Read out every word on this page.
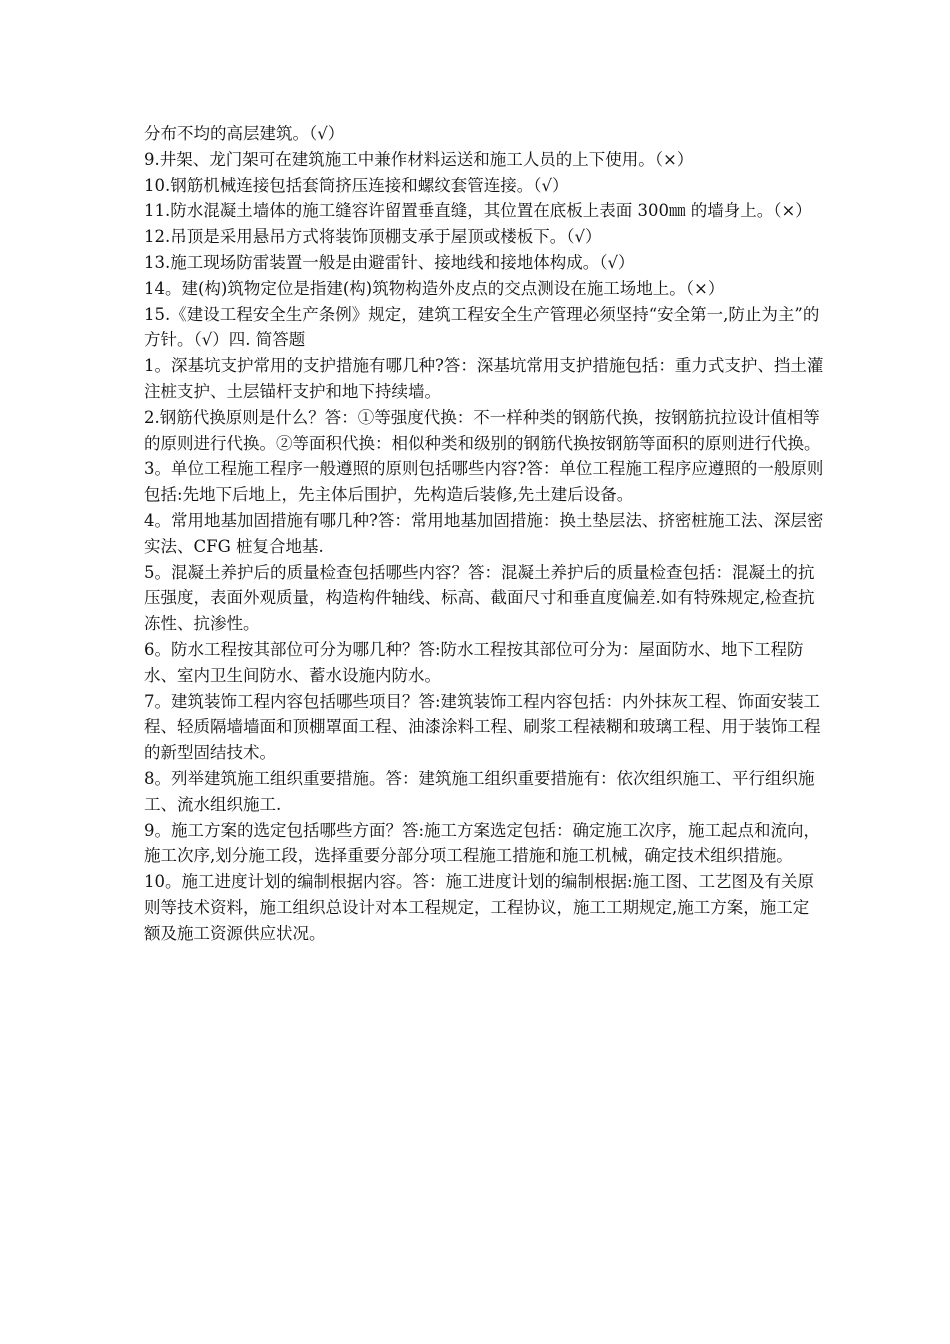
分布不均的高层建筑。（√）

9.井架、龙门架可在建筑施工中兼作材料运送和施工人员的上下使用。（×）

10.钢筋机械连接包括套筒挤压连接和螺纹套管连接。（√）

11.防水混凝土墙体的施工缝容许留置垂直缝，其位置在底板上表面 300㎜ 的墙身上。（×）

12.吊顶是采用悬吊方式将装饰顶棚支承于屋顶或楼板下。（√）

13.施工现场防雷装置一般是由避雷针、接地线和接地体构成。（√）

14。建(构)筑物定位是指建(构)筑物构造外皮点的交点测设在施工场地上。（×）

15.《建设工程安全生产条例》规定，建筑工程安全生产管理必须坚持“安全第一,防止为主”的方针。（√）四. 简答题

1。深基坑支护常用的支护措施有哪几种?答：深基坑常用支护措施包括：重力式支护、挡土灌注桩支护、土层锚杆支护和地下持续墙。

2.钢筋代换原则是什么？答：①等强度代换：不一样种类的钢筋代换，按钢筋抗拉设计值相等的原则进行代换。②等面积代换：相似种类和级别的钢筋代换按钢筋等面积的原则进行代换。

3。单位工程施工程序一般遵照的原则包括哪些内容?答：单位工程施工程序应遵照的一般原则包括:先地下后地上，先主体后围护，先构造后装修,先土建后设备。

4。常用地基加固措施有哪几种?答：常用地基加固措施：换土垫层法、挤密桩施工法、深层密实法、CFG 桩复合地基.

5。混凝土养护后的质量检查包括哪些内容？答：混凝土养护后的质量检查包括：混凝土的抗压强度，表面外观质量，构造构件轴线、标高、截面尺寸和垂直度偏差.如有特殊规定,检查抗冻性、抗渗性。

6。防水工程按其部位可分为哪几种？答:防水工程按其部位可分为：屋面防水、地下工程防水、室内卫生间防水、蓄水设施内防水。

7。建筑装饰工程内容包括哪些项目？答:建筑装饰工程内容包括：内外抹灰工程、饰面安装工程、轻质隔墙墙面和顶棚罩面工程、油漆涂料工程、刷浆工程裱糊和玻璃工程、用于装饰工程的新型固结技术。

8。列举建筑施工组织重要措施。答：建筑施工组织重要措施有：依次组织施工、平行组织施工、流水组织施工.

9。施工方案的选定包括哪些方面？答:施工方案选定包括：确定施工次序，施工起点和流向，施工次序,划分施工段，选择重要分部分项工程施工措施和施工机械，确定技术组织措施。

10。施工进度计划的编制根据内容。答：施工进度计划的编制根据:施工图、工艺图及有关原则等技术资料，施工组织总设计对本工程规定，工程协议，施工工期规定,施工方案，施工定额及施工资源供应状况。
